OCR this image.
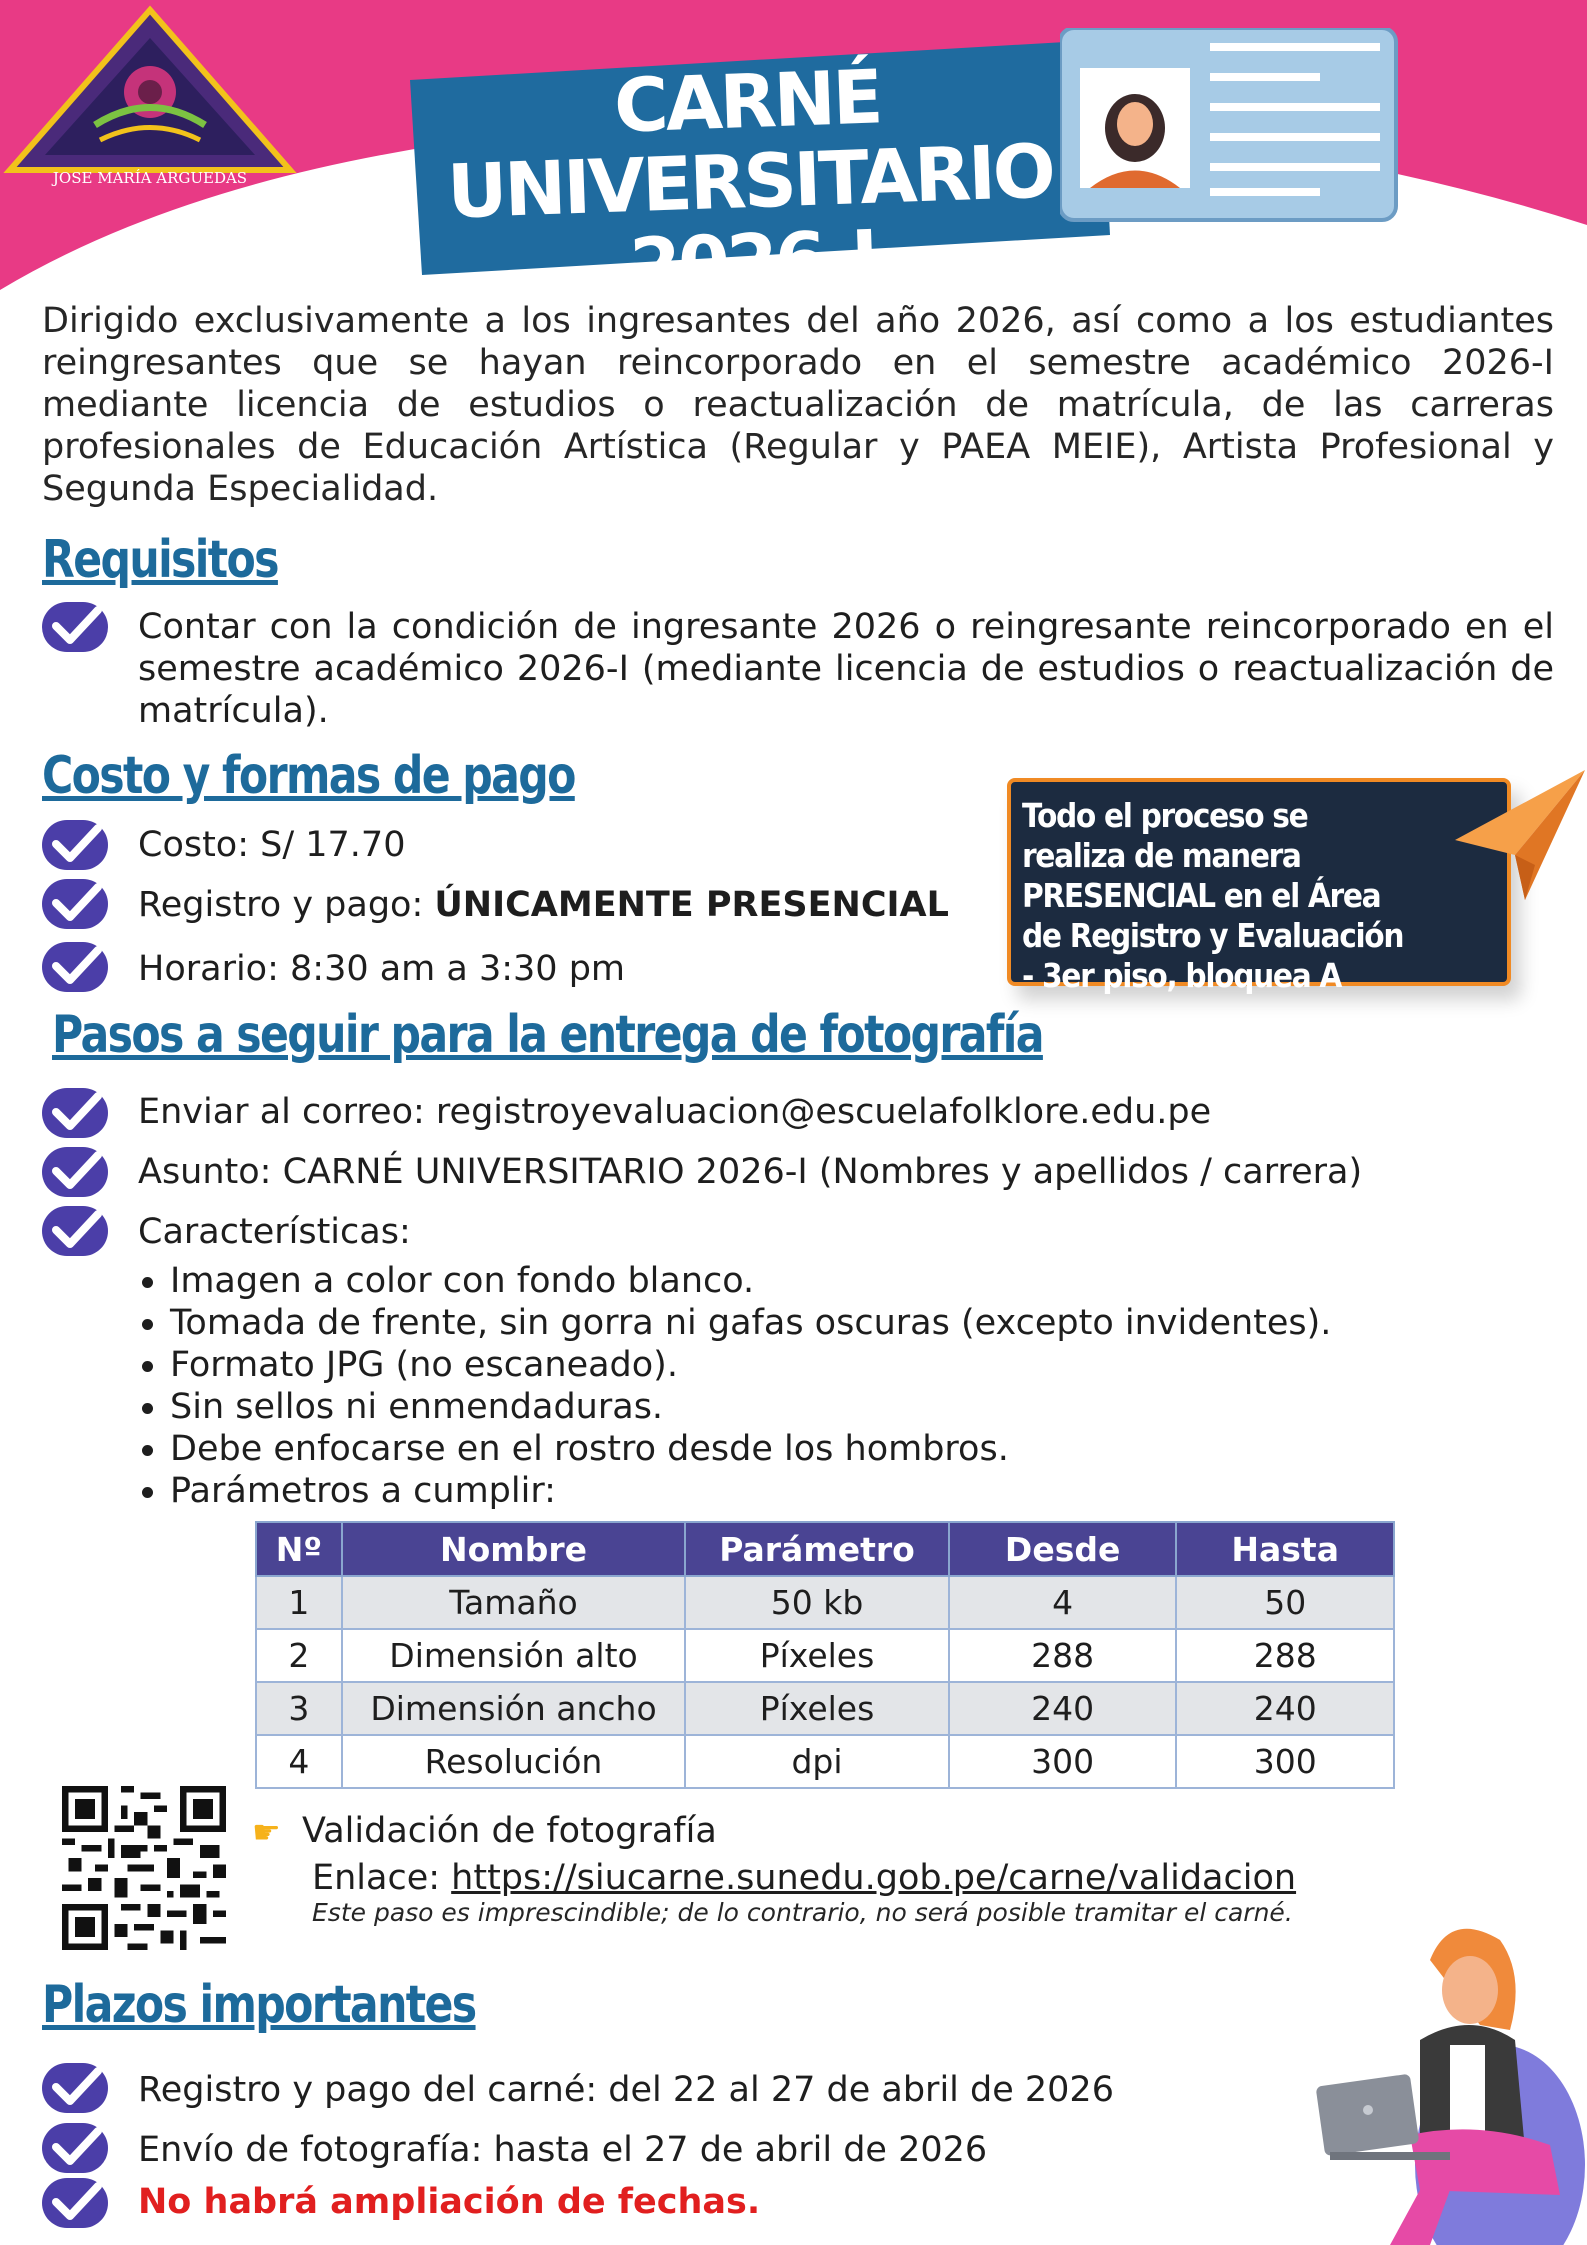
JOSE MARÍA ARGUEDAS
CARNÉ UNIVERSITARIO
2026-I

Dirigido exclusivamente a los ingresantes del año 2026, así como a los estudiantes reingresantes que se hayan reincorporado en el semestre académico 2026-I mediante licencia de estudios o reactualización de matrícula, de las carreras profesionales de Educación Artística (Regular y PAEA MEIE), Artista Profesional y Segunda Especialidad.

Requisitos

Contar con la condición de ingresante 2026 o reingresante reincorporado en el semestre académico 2026-I (mediante licencia de estudios o reactualización de matrícula).

Costo y formas de pago

Costo: S/ 17.70

Registro y pago: ÚNICAMENTE PRESENCIAL

Horario: 8:30 am a 3:30 pm

Todo el proceso se realiza de manera PRESENCIAL en el Área de Registro y Evaluación - 3er piso, bloquea A

Pasos a seguir para la entrega de fotografía

Enviar al correo: registroyevaluacion@escuelafolklore.edu.pe

Asunto: CARNÉ UNIVERSITARIO 2026-I (Nombres y apellidos / carrera)

Características:

Imagen a color con fondo blanco.
Tomada de frente, sin gorra ni gafas oscuras (excepto invidentes).
Formato JPG (no escaneado).
Sin sellos ni enmendaduras.
Debe enfocarse en el rostro desde los hombros.
Parámetros a cumplir:
Nº	Nombre	Parámetro	Desde	Hasta
1	Tamaño	50 kb	4	50
2	Dimensión alto	Píxeles	288	288
3	Dimensión ancho	Píxeles	240	240
4	Resolución	dpi	300	300
☛ Validación de fotografía

Enlace: https://siucarne.sunedu.gob.pe/carne/validacion

Este paso es imprescindible; de lo contrario, no será posible tramitar el carné.

Plazos importantes

Registro y pago del carné: del 22 al 27 de abril de 2026

Envío de fotografía: hasta el 27 de abril de 2026

No habrá ampliación de fechas.
